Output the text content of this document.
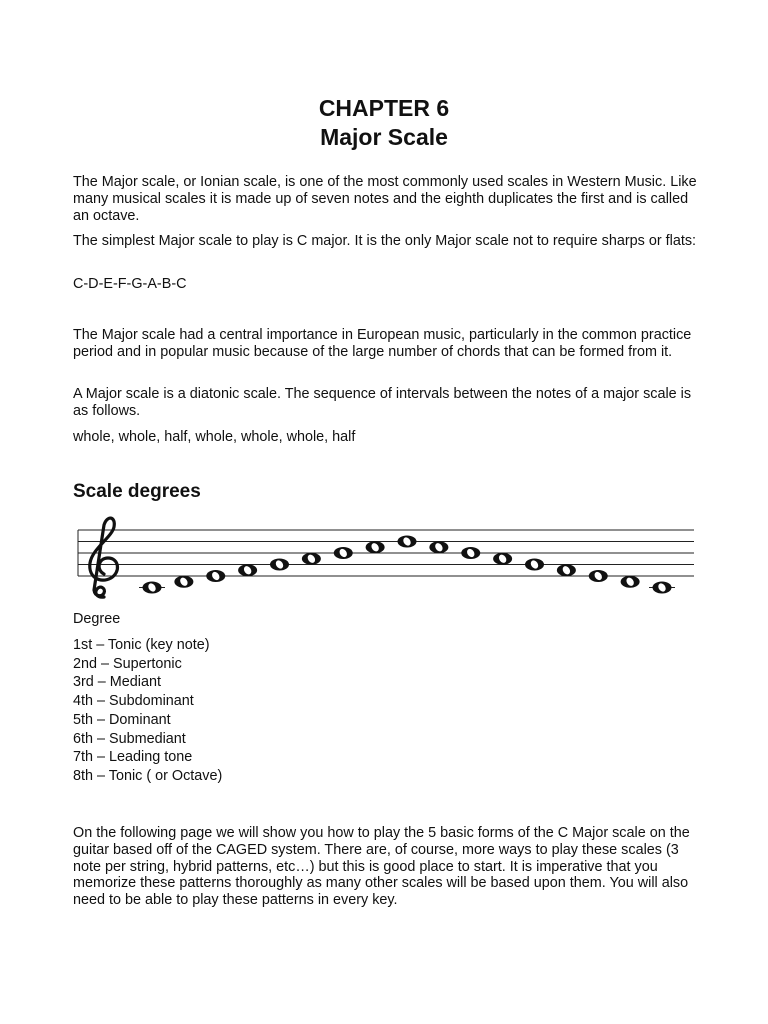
CHAPTER 6
Major Scale

The Major scale, or Ionian scale, is one of the most commonly used scales in Western Music. Like many musical scales it is made up of seven notes and the eighth duplicates the first and is called an octave.

The simplest Major scale to play is C major. It is the only Major scale not to require sharps or flats:

C-D-E-F-G-A-B-C

The Major scale had a central importance in European music, particularly in the common practice period and in popular music because of the large number of chords that can be formed from it.

A Major scale is a diatonic scale. The sequence of intervals between the notes of a major scale is as follows.

whole, whole, half, whole, whole, whole, half

Scale degrees

Degree

1st – Tonic (key note)
2nd – Supertonic
3rd – Mediant
4th – Subdominant
5th – Dominant
6th – Submediant
7th – Leading tone
8th – Tonic ( or Octave)

On the following page we will show you how to play the 5 basic forms of the C Major scale on the guitar based off of the CAGED system. There are, of course, more ways to play these scales (3 note per string, hybrid patterns, etc…) but this is good place to start. It is imperative that you memorize these patterns thoroughly as many other scales will be based upon them. You will also need to be able to play these patterns in every key.
